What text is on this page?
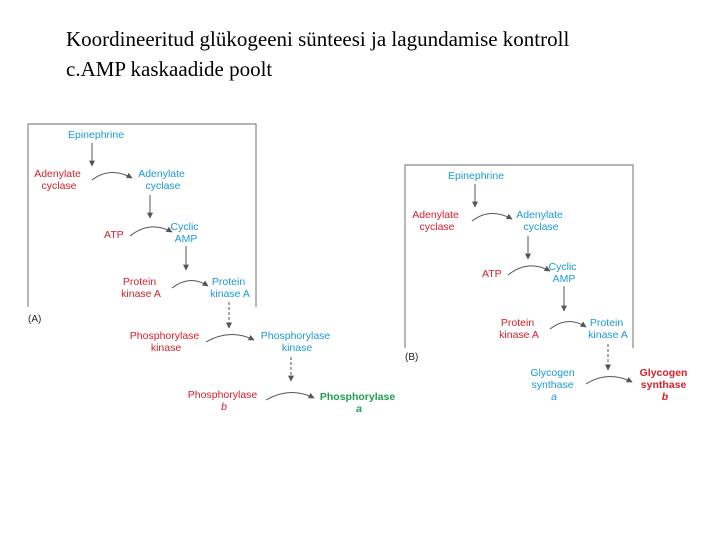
Koordineeritud glükogeeni sünteesi ja lagundamise kontroll
c.AMP kaskaadide poolt
(A)
Epinephrine
Adenylate cyclase
Adenylate cyclase
ATP
Cyclic AMP
Protein kinase A
Protein kinase A
Phosphorylase kinase
Phosphorylase kinase
Phosphorylase b
Phosphorylase a
(B)
Epinephrine
Adenylate cyclase
Adenylate cyclase
ATP
Cyclic AMP
Protein kinase A
Protein kinase A
Glycogen synthase a
Glycogen synthase b
